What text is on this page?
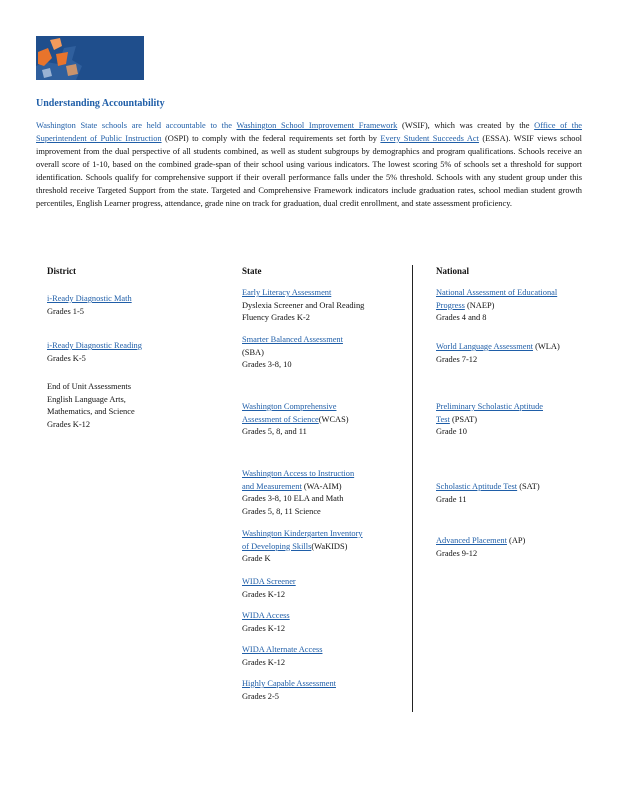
Understanding Accountability
Washington State schools are held accountable to the Washington School Improvement Framework (WSIF), which was created by the Office of the Superintendent of Public Instruction (OSPI) to comply with the federal requirements set forth by Every Student Succeeds Act (ESSA). WSIF views school improvement from the dual perspective of all students combined, as well as student subgroups by demographics and program qualifications. Schools receive an overall score of 1-10, based on the combined grade-span of their school using various indicators. The lowest scoring 5% of schools set a threshold for support identification. Schools qualify for comprehensive support if their overall performance falls under the 5% threshold. Schools with any student group under this threshold receive Targeted Support from the state. Targeted and Comprehensive Framework indicators include graduation rates, school median student growth percentiles, English Learner progress, attendance, grade nine on track for graduation, dual credit enrollment, and state assessment proficiency.
District	State	National
i-Ready Diagnostic Math
Grades 1-5
i-Ready Diagnostic Reading
Grades K-5
End of Unit Assessments
English Language Arts,
Mathematics, and Science
Grades K-12
Early Literacy Assessment
Dyslexia Screener and Oral Reading
Fluency Grades K-2
Smarter Balanced Assessment
(SBA)
Grades 3-8, 10
Washington Comprehensive
Assessment of Science(WCAS)
Grades 5, 8, and 11
Washington Access to Instruction
and Measurement (WA-AIM)
Grades 3-8, 10 ELA and Math
Grades 5, 8, 11 Science
Washington Kindergarten Inventory
of Developing Skills(WaKIDS)
Grade K
WIDA Screener
Grades K-12
WIDA Access
Grades K-12
WIDA Alternate Access
Grades K-12
Highly Capable Assessment
Grades 2-5
National Assessment of Educational
Progress (NAEP)
Grades 4 and 8
World Language Assessment (WLA)
Grades 7-12
Preliminary Scholastic Aptitude
Test (PSAT)
Grade 10
Scholastic Aptitude Test (SAT)
Grade 11
Advanced Placement (AP)
Grades 9-12
